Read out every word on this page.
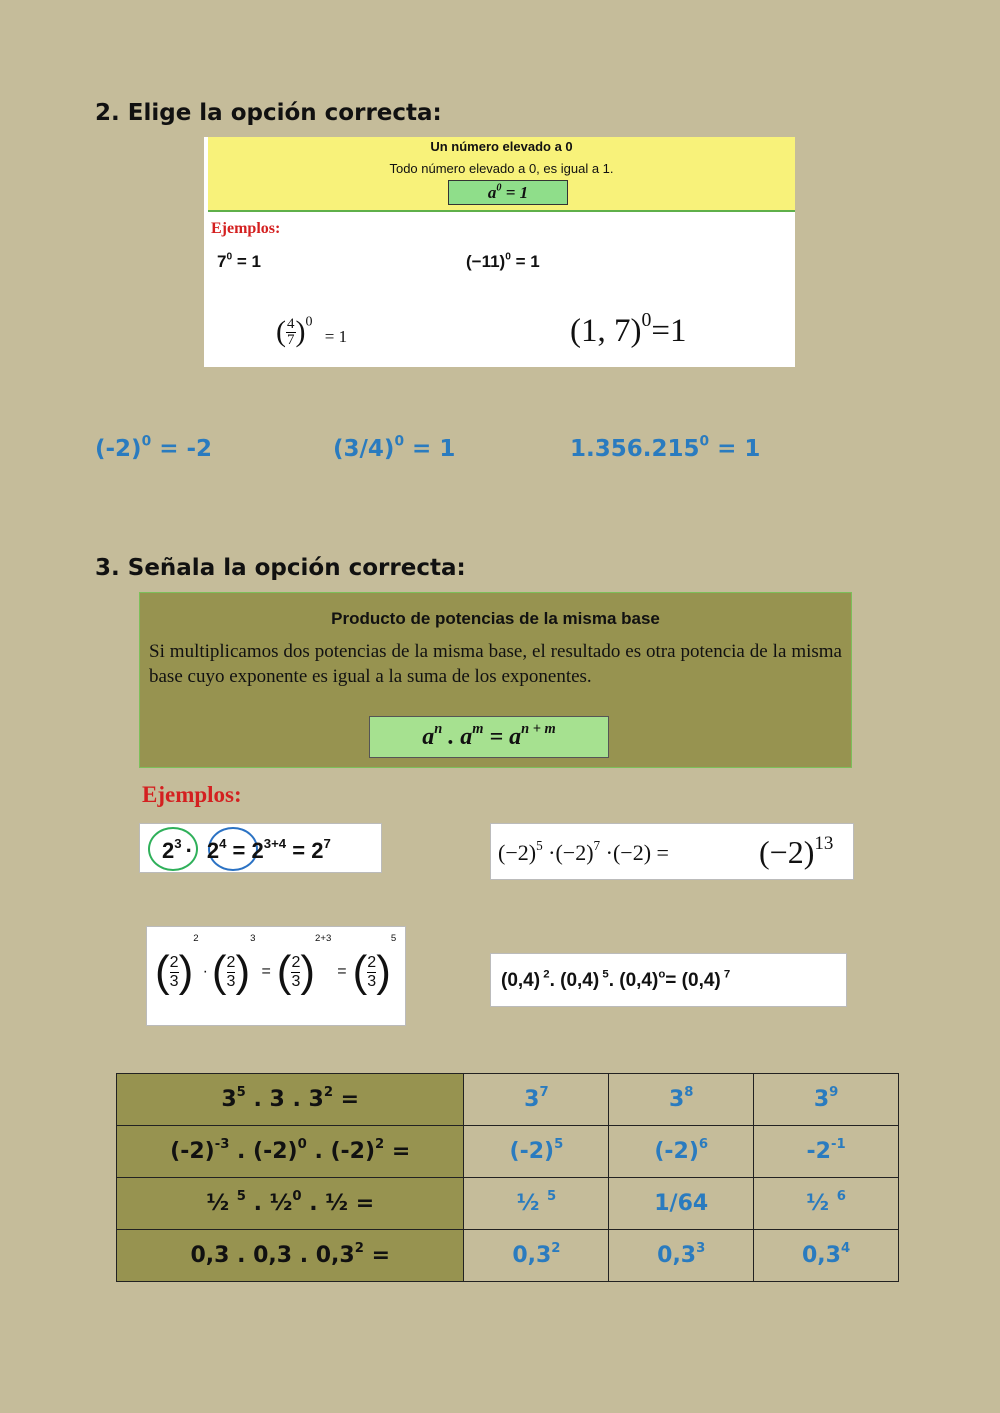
2. Elige la opción correcta:
Un número elevado a 0
Todo número elevado a 0, es igual a 1.
$a^0 = 1$
Ejemplos:
$7^0 = 1$	$(-11)^0 = 1$
( $\frac{4}{7} )^0 = 1$	(1, 7)$^0$=1
$(-2)^0 = -2$	$(3/4)^0 = 1$	$1.356.215^0 = 1$
3. Señala la opción correcta:
Producto de potencias de la misma base
Si multiplicamos dos potencias de la misma base, el resultado es otra potencia de la misma base cuyo exponente es igual a la suma de los exponentes.
$a^n$ . $a^m = a^{n + m}$
Ejemplos:
$2^3 \cdot 2^4 = 2^{3+4} = 2^7$	$(-2)^5 \cdot(-2)^7 \cdot(-2)$ =	$(-2)^{13}$
( 2
3 )
2
· ( 2
3 )
3
= ( 2
3 )
2+3
= ( 2
3 )
5
(0,4) $^2$. (0,4) $^5$. $(0,4)^o= (0,4)$ $^7$
$3^5$ . 3 . $3^2$ =	$3^7$	$3^8$	$3^9$
$(-2)^{-3}$ . $(-2)^0$ . $(-2)^2$ =	$(-2)^5$	$(-2)^6$	$-2^{-1}$
½ $^5$ . ½$^0$ . ½ =	½ $^5$	1/64	½ $^6$
0,3 . 0,3 . $0,3^2$ =	$0,3^2$	$0,3^3$	$0,3^4$
